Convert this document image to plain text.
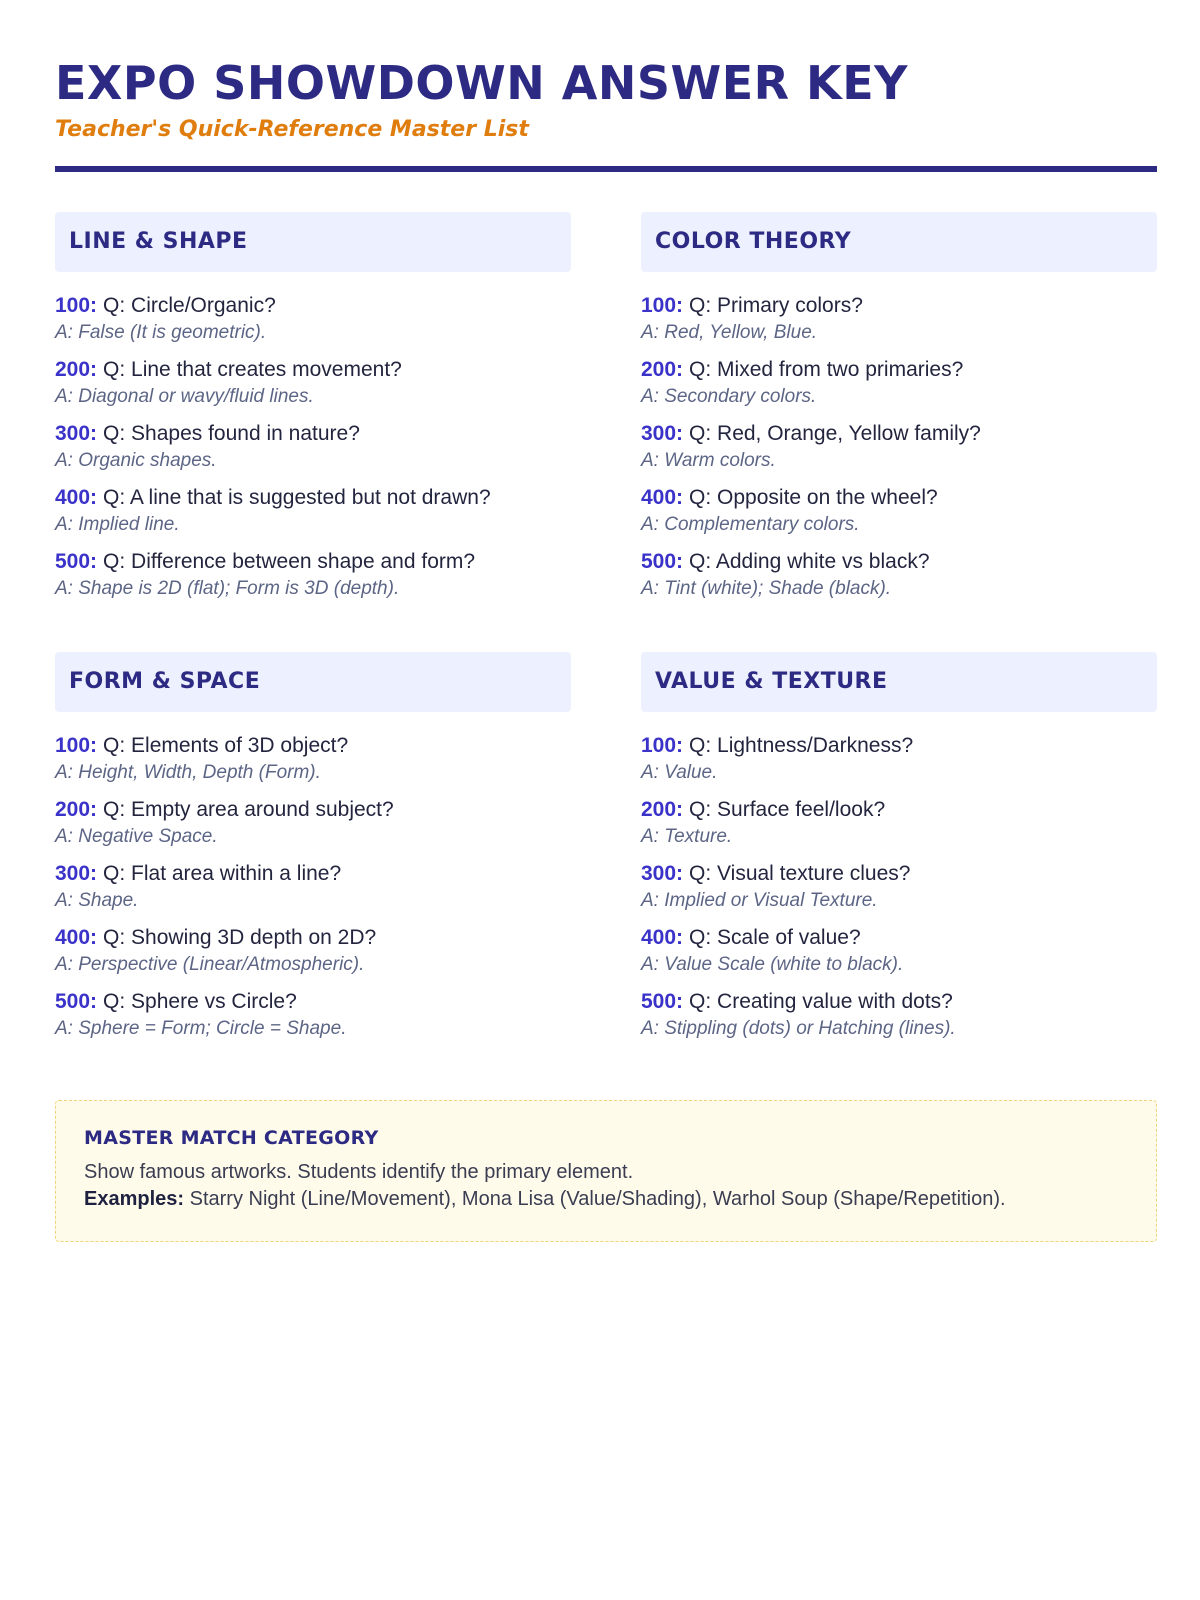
EXPO SHOWDOWN ANSWER KEY

Teacher's Quick-Reference Master List

LINE & SHAPE
100: Q: Circle/Organic?
A: False (It is geometric).
200: Q: Line that creates movement?
A: Diagonal or wavy/fluid lines.
300: Q: Shapes found in nature?
A: Organic shapes.
400: Q: A line that is suggested but not drawn?
A: Implied line.
500: Q: Difference between shape and form?
A: Shape is 2D (flat); Form is 3D (depth).
COLOR THEORY
100: Q: Primary colors?
A: Red, Yellow, Blue.
200: Q: Mixed from two primaries?
A: Secondary colors.
300: Q: Red, Orange, Yellow family?
A: Warm colors.
400: Q: Opposite on the wheel?
A: Complementary colors.
500: Q: Adding white vs black?
A: Tint (white); Shade (black).
FORM & SPACE
100: Q: Elements of 3D object?
A: Height, Width, Depth (Form).
200: Q: Empty area around subject?
A: Negative Space.
300: Q: Flat area within a line?
A: Shape.
400: Q: Showing 3D depth on 2D?
A: Perspective (Linear/Atmospheric).
500: Q: Sphere vs Circle?
A: Sphere = Form; Circle = Shape.
VALUE & TEXTURE
100: Q: Lightness/Darkness?
A: Value.
200: Q: Surface feel/look?
A: Texture.
300: Q: Visual texture clues?
A: Implied or Visual Texture.
400: Q: Scale of value?
A: Value Scale (white to black).
500: Q: Creating value with dots?
A: Stippling (dots) or Hatching (lines).
MASTER MATCH CATEGORY
Show famous artworks. Students identify the primary element.
Examples: Starry Night (Line/Movement), Mona Lisa (Value/Shading), Warhol Soup (Shape/Repetition).
